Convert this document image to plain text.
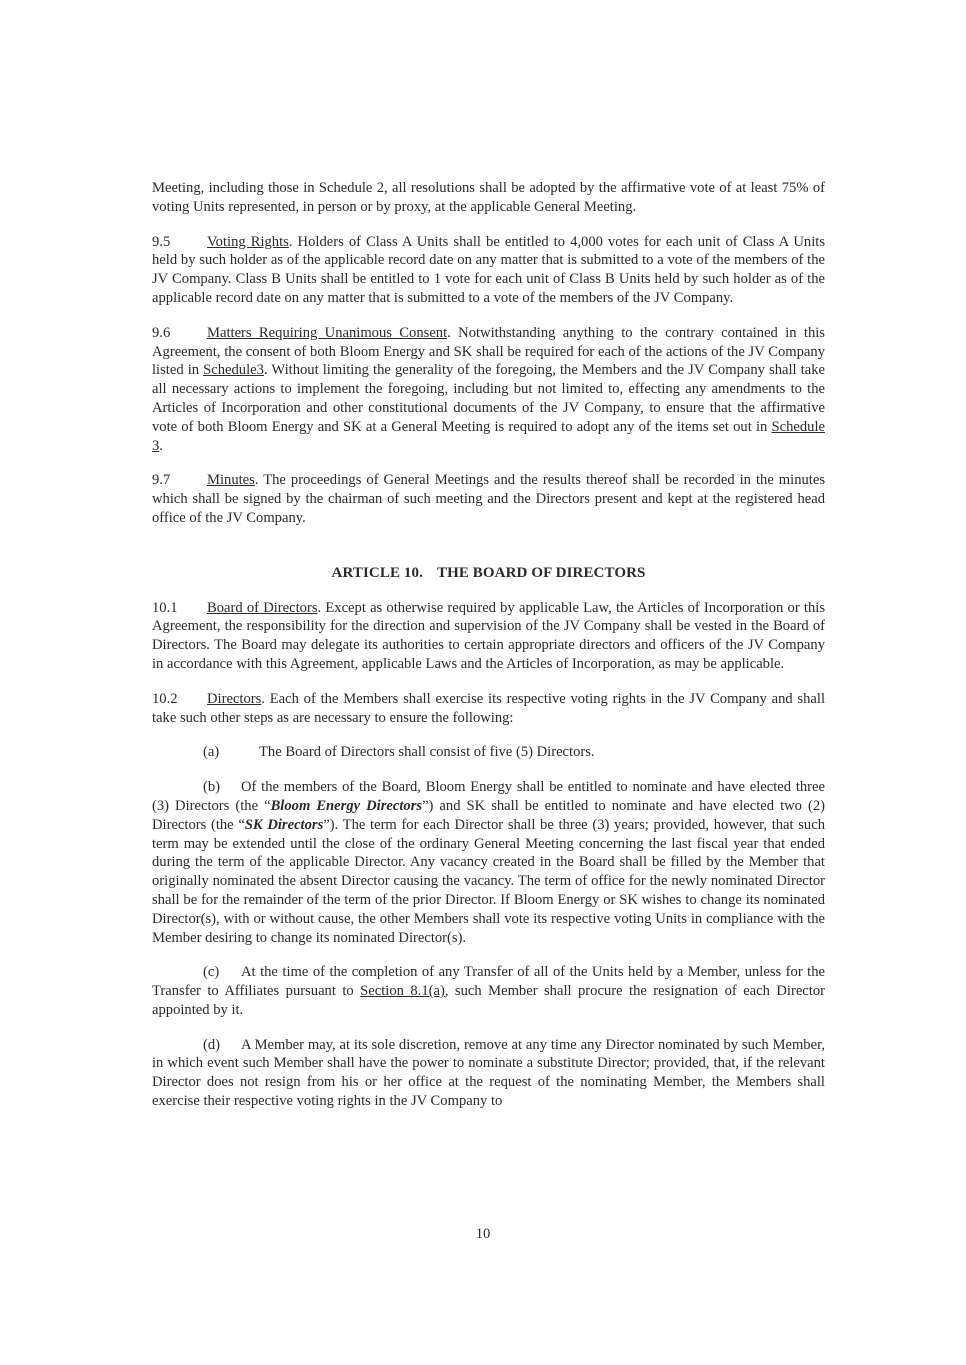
Meeting, including those in Schedule 2, all resolutions shall be adopted by the affirmative vote of at least 75% of voting Units represented, in person or by proxy, at the applicable General Meeting.

9.5	Voting Rights. Holders of Class A Units shall be entitled to 4,000 votes for each unit of Class A Units held by such holder as of the applicable record date on any matter that is submitted to a vote of the members of the JV Company. Class B Units shall be entitled to 1 vote for each unit of Class B Units held by such holder as of the applicable record date on any matter that is submitted to a vote of the members of the JV Company.

9.6	Matters Requiring Unanimous Consent. Notwithstanding anything to the contrary contained in this Agreement, the consent of both Bloom Energy and SK shall be required for each of the actions of the JV Company listed in Schedule3. Without limiting the generality of the foregoing, the Members and the JV Company shall take all necessary actions to implement the foregoing, including but not limited to, effecting any amendments to the Articles of Incorporation and other constitutional documents of the JV Company, to ensure that the affirmative vote of both Bloom Energy and SK at a General Meeting is required to adopt any of the items set out in Schedule 3.

9.7	Minutes. The proceedings of General Meetings and the results thereof shall be recorded in the minutes which shall be signed by the chairman of such meeting and the Directors present and kept at the registered head office of the JV Company.

ARTICLE 10. THE BOARD OF DIRECTORS

10.1 Board of Directors. Except as otherwise required by applicable Law, the Articles of Incorporation or this Agreement, the responsibility for the direction and supervision of the JV Company shall be vested in the Board of Directors. The Board may delegate its authorities to certain appropriate directors and officers of the JV Company in accordance with this Agreement, applicable Laws and the Articles of Incorporation, as may be applicable.

10.2 Directors. Each of the Members shall exercise its respective voting rights in the JV Company and shall take such other steps as are necessary to ensure the following:

(a)	The Board of Directors shall consist of five (5) Directors.

(b) Of the members of the Board, Bloom Energy shall be entitled to nominate and have elected three (3) Directors (the “Bloom Energy Directors”) and SK shall be entitled to nominate and have elected two (2) Directors (the “SK Directors”). The term for each Director shall be three (3) years; provided, however, that such term may be extended until the close of the ordinary General Meeting concerning the last fiscal year that ended during the term of the applicable Director. Any vacancy created in the Board shall be filled by the Member that originally nominated the absent Director causing the vacancy. The term of office for the newly nominated Director shall be for the remainder of the term of the prior Director. If Bloom Energy or SK wishes to change its nominated Director(s), with or without cause, the other Members shall vote its respective voting Units in compliance with the Member desiring to change its nominated Director(s).

(c) At the time of the completion of any Transfer of all of the Units held by a Member, unless for the Transfer to Affiliates pursuant to Section 8.1(a), such Member shall procure the resignation of each Director appointed by it.

(d) A Member may, at its sole discretion, remove at any time any Director nominated by such Member, in which event such Member shall have the power to nominate a substitute Director; provided, that, if the relevant Director does not resign from his or her office at the request of the nominating Member, the Members shall exercise their respective voting rights in the JV Company to

10
